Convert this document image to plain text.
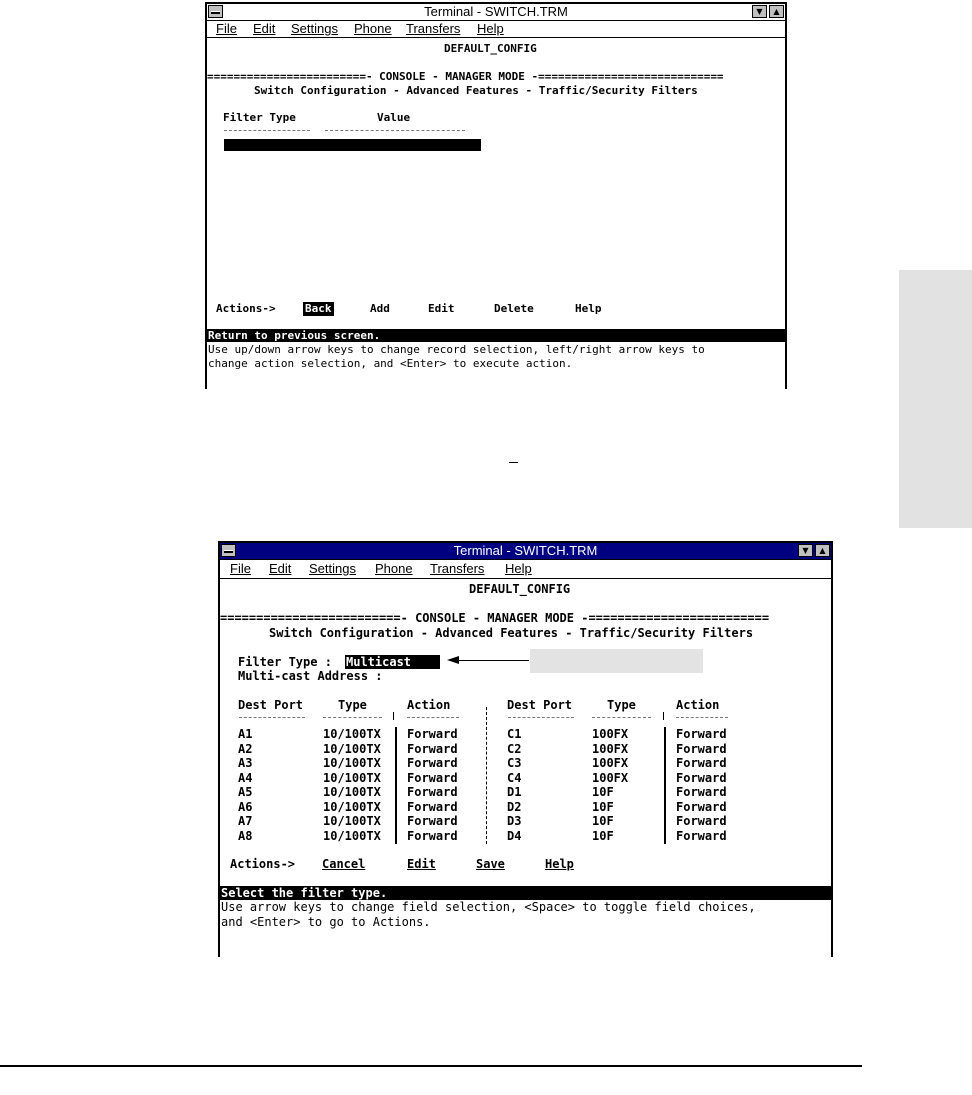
Terminal - SWITCH.TRM	▼	▲
File Edit Settings Phone Transfers Help
DEFAULT_CONFIG
========================- CONSOLE - MANAGER MODE -============================
Switch Configuration - Advanced Features - Traffic/Security Filters
Filter Type	Value
Actions->	Back	Add	Edit	Delete	Help
Return to previous screen.
Use up/down arrow keys to change record selection, left/right arrow keys to
change action selection, and <Enter> to execute action.
Terminal - SWITCH.TRM	▼	▲
File Edit Settings Phone Transfers Help
DEFAULT_CONFIG
=========================- CONSOLE - MANAGER MODE -=========================
Switch Configuration - Advanced Features - Traffic/Security Filters
Filter Type : Multicast
Multi-cast Address :
Dest Port	Type	Action	Dest Port	Type	Action
A1	10/100TX Forward	C1	100FX	Forward
A2	10/100TX Forward	C2	100FX	Forward
A3	10/100TX Forward	C3	100FX	Forward
A4	10/100TX Forward	C4	100FX	Forward
A5	10/100TX Forward	D1	10F	Forward
A6	10/100TX Forward	D2	10F	Forward
A7	10/100TX Forward	D3	10F	Forward
A8	10/100TX Forward	D4	10F	Forward
Actions-> Cancel	Edit	Save	Help
Select the filter type.
Use arrow keys to change field selection, <Space> to toggle field choices,
and <Enter> to go to Actions.
